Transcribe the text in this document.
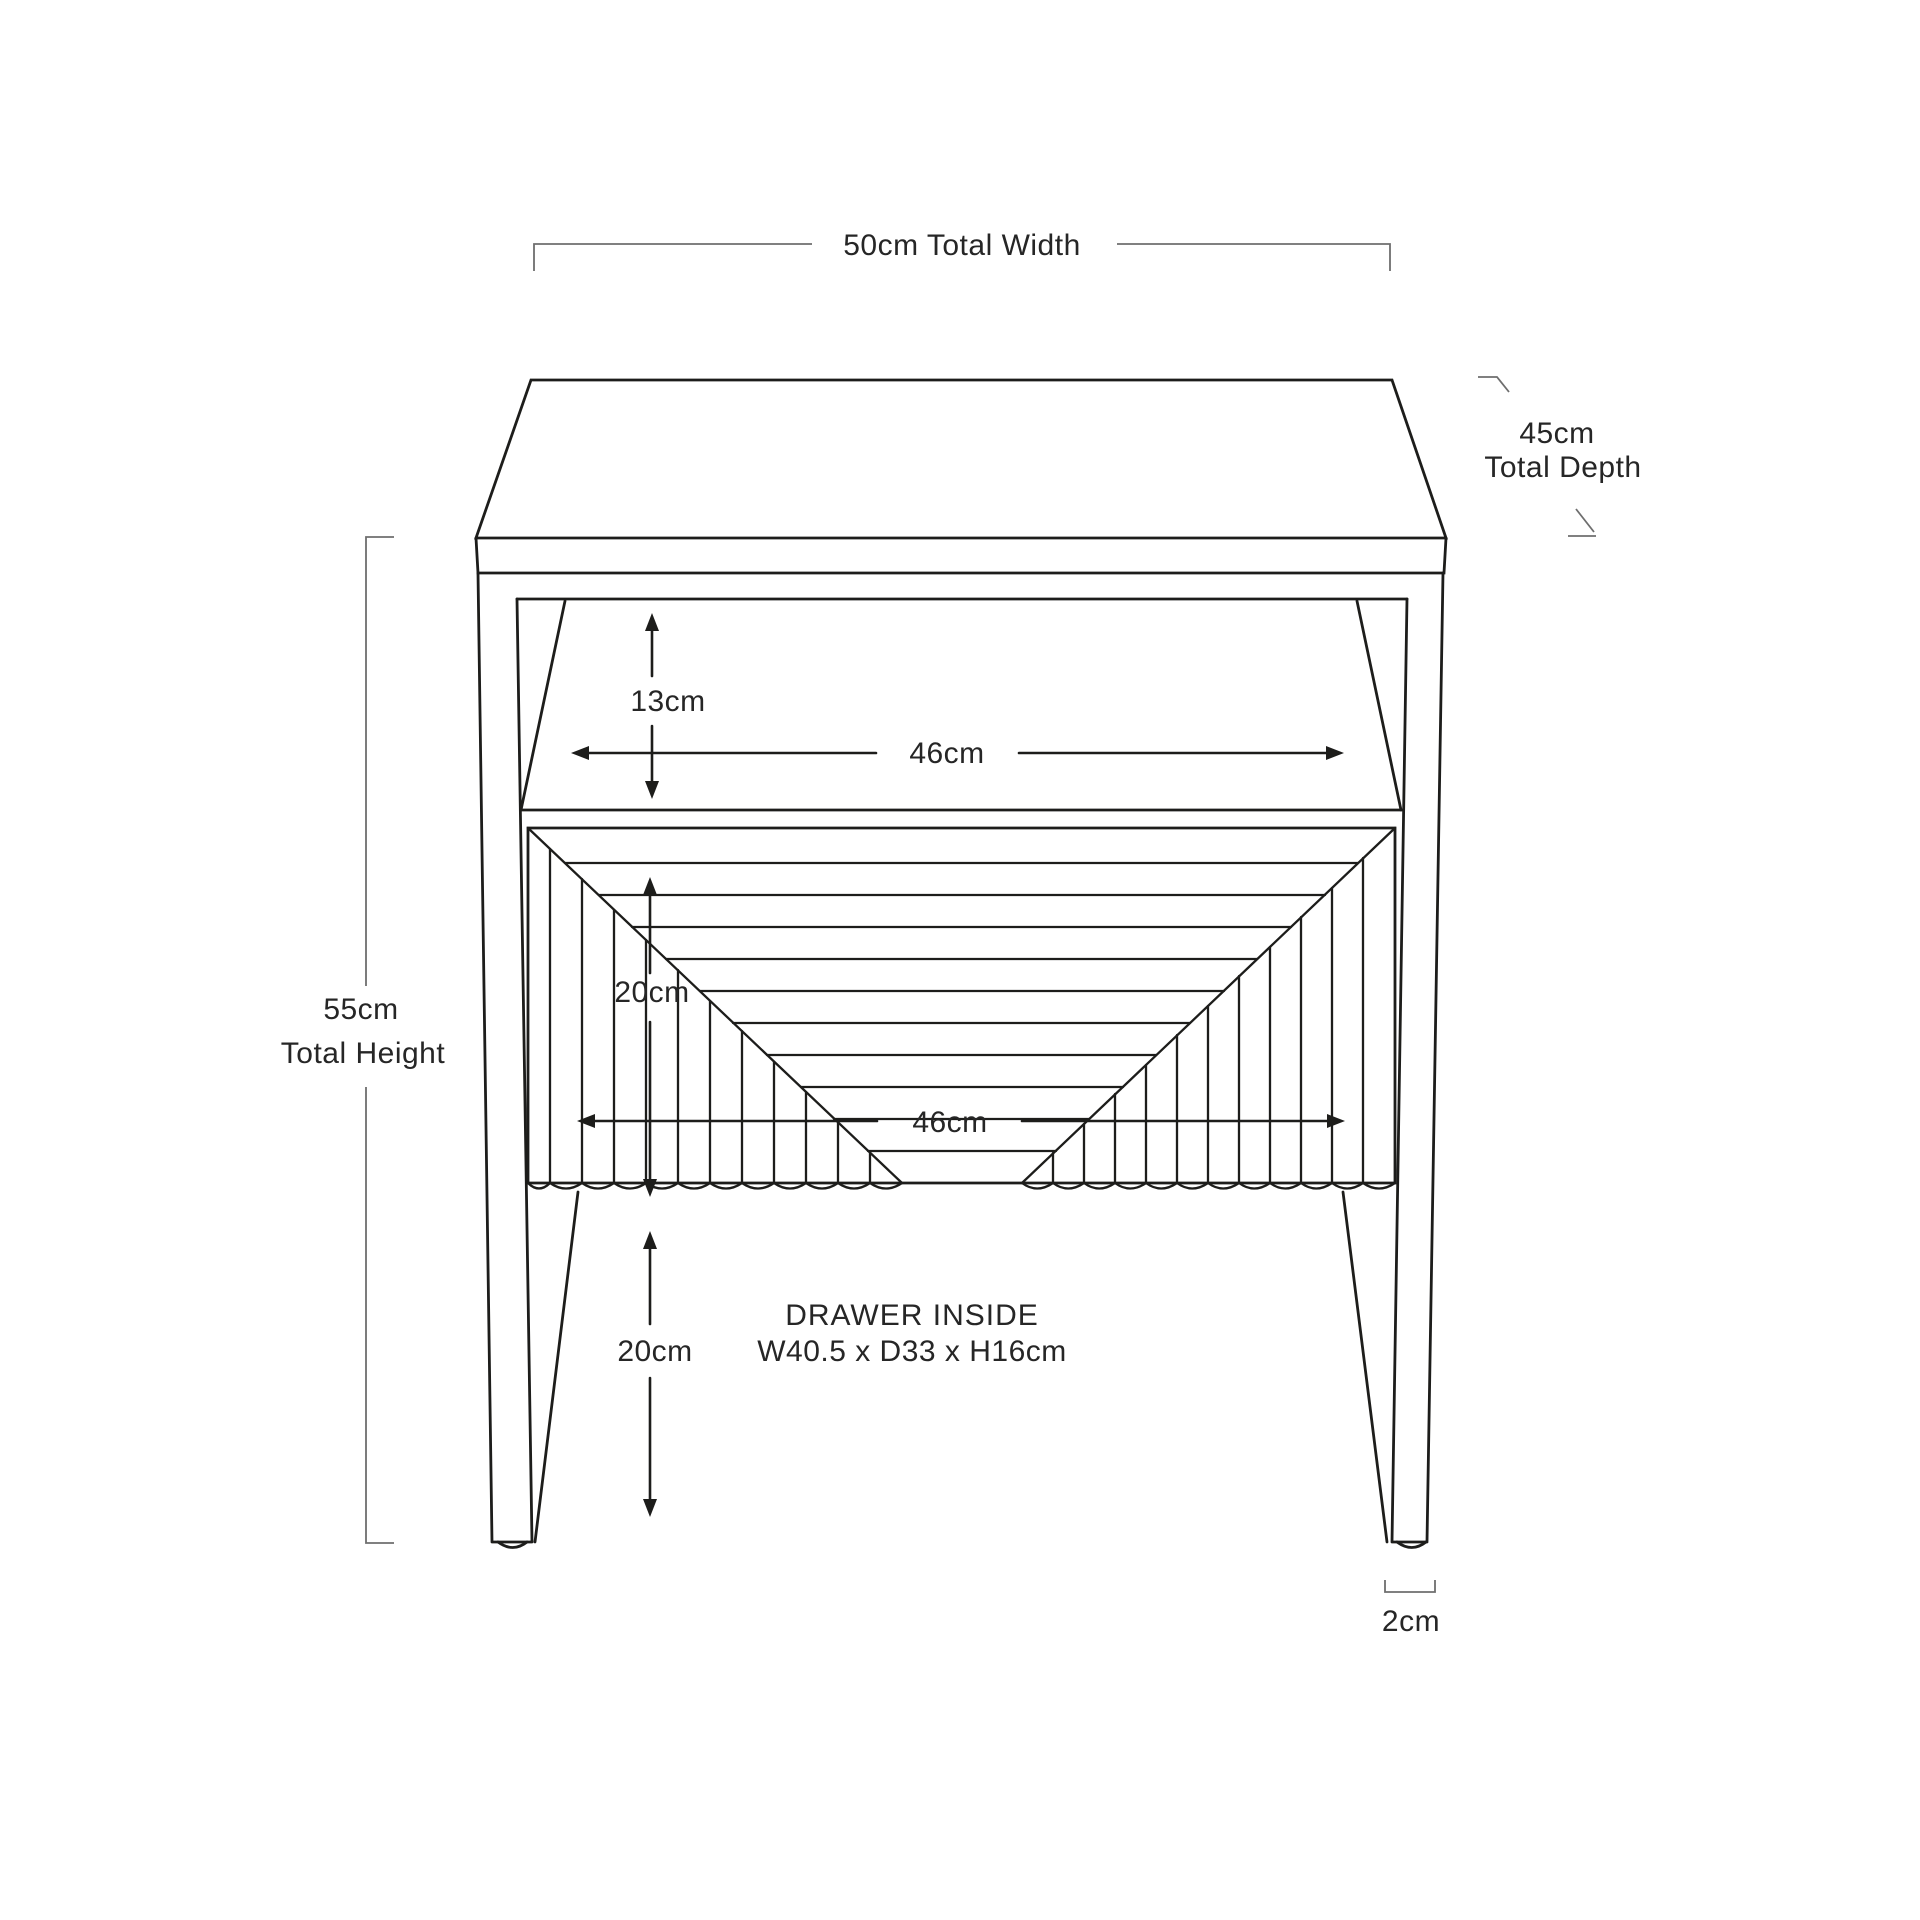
50cm Total Width
45cm
Total Depth
55cm
Total Height
13cm
46cm
20cm
46cm
20cm
DRAWER INSIDE
W40.5 x D33 x H16cm
2cm
